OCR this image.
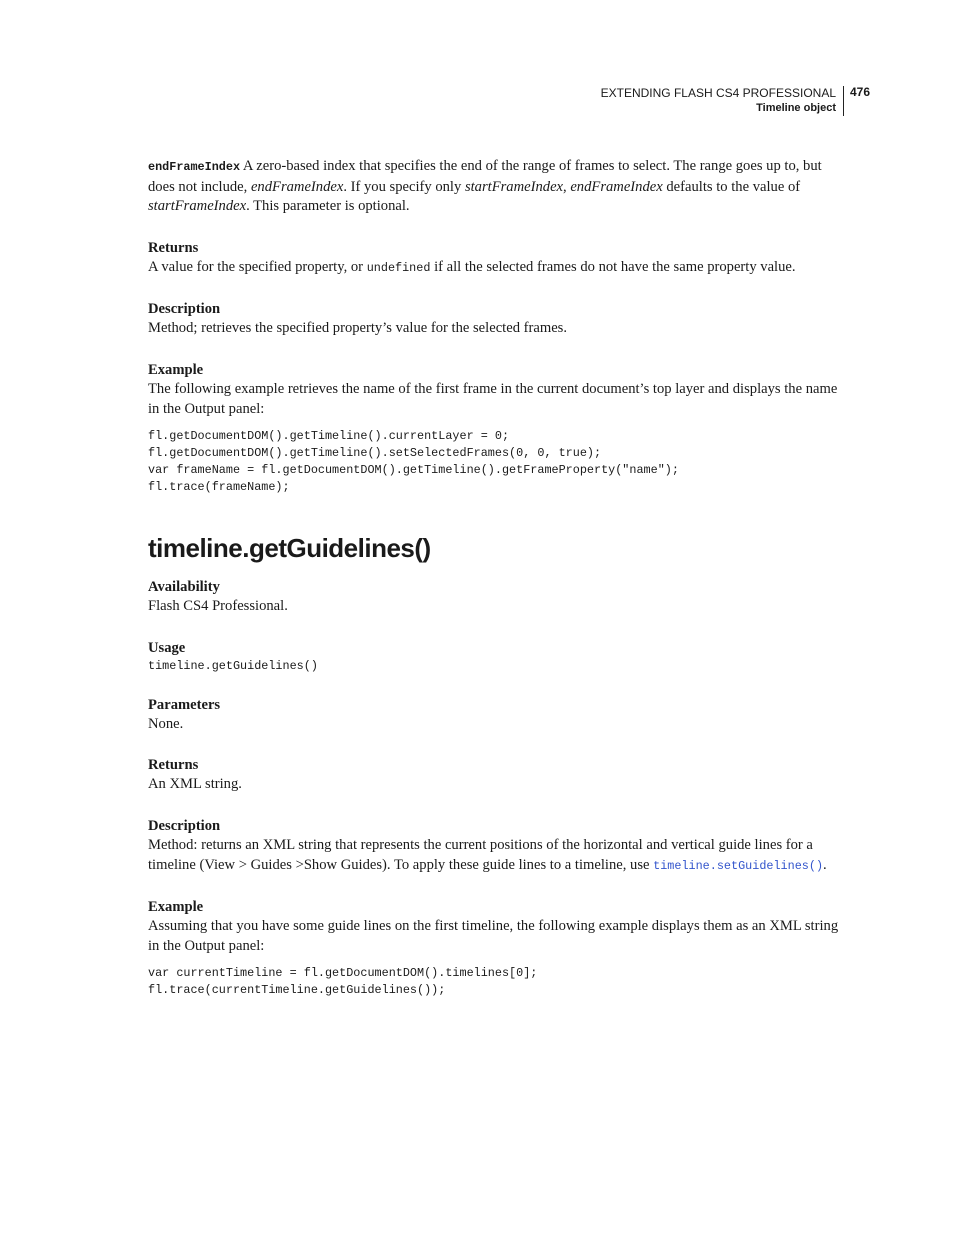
EXTENDING FLASH CS4 PROFESSIONAL
Timeline object
476

endFrameIndex A zero-based index that specifies the end of the range of frames to select. The range goes up to, but does not include, endFrameIndex. If you specify only startFrameIndex, endFrameIndex defaults to the value of startFrameIndex. This parameter is optional.

Returns

A value for the specified property, or undefined if all the selected frames do not have the same property value.

Description

Method; retrieves the specified property’s value for the selected frames.

Example

The following example retrieves the name of the first frame in the current document’s top layer and displays the name in the Output panel:

fl.getDocumentDOM().getTimeline().currentLayer = 0;
fl.getDocumentDOM().getTimeline().setSelectedFrames(0, 0, true);
var frameName = fl.getDocumentDOM().getTimeline().getFrameProperty("name");
fl.trace(frameName);
timeline.getGuidelines()
Availability

Flash CS4 Professional.

Usage
timeline.getGuidelines()
Parameters

None.

Returns

An XML string.

Description

Method: returns an XML string that represents the current positions of the horizontal and vertical guide lines for a timeline (View > Guides >Show Guides). To apply these guide lines to a timeline, use timeline.setGuidelines().

Example

Assuming that you have some guide lines on the first timeline, the following example displays them as an XML string in the Output panel:

var currentTimeline = fl.getDocumentDOM().timelines[0];
fl.trace(currentTimeline.getGuidelines());
